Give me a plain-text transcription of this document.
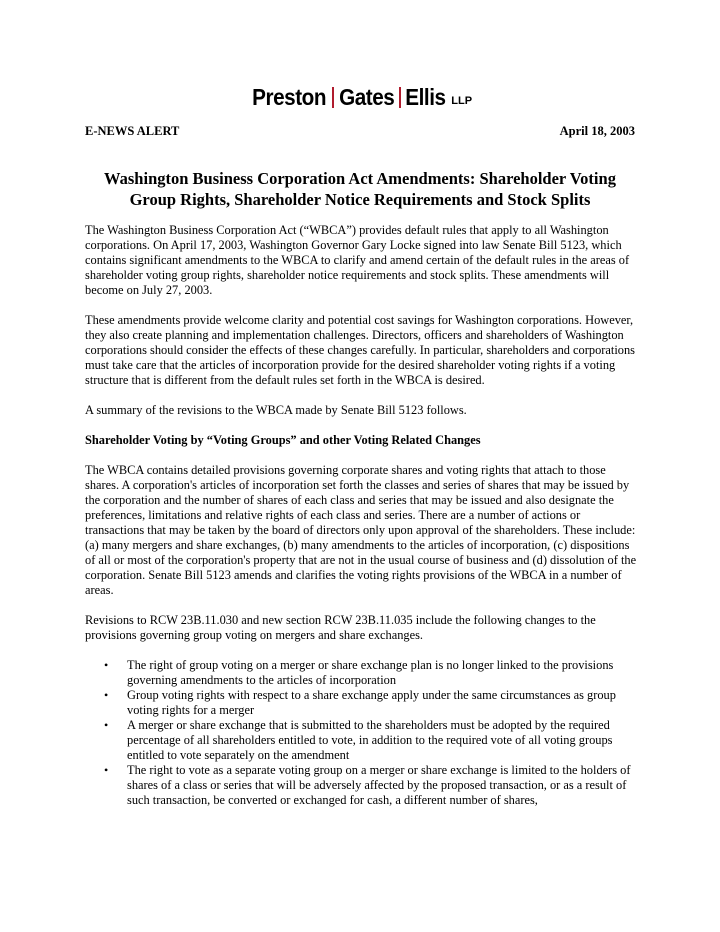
Preston Gates Ellis LLP
E-NEWS ALERT	April 18, 2003
Washington Business Corporation Act Amendments: Shareholder Voting
Group Rights, Shareholder Notice Requirements and Stock Splits

The Washington Business Corporation Act (“WBCA”) provides default rules that apply to all Washington corporations. On April 17, 2003, Washington Governor Gary Locke signed into law Senate Bill 5123, which contains significant amendments to the WBCA to clarify and amend certain of the default rules in the areas of shareholder voting group rights, shareholder notice requirements and stock splits. These amendments will become on July 27, 2003.

These amendments provide welcome clarity and potential cost savings for Washington corporations. However, they also create planning and implementation challenges. Directors, officers and shareholders of Washington corporations should consider the effects of these changes carefully. In particular, shareholders and corporations must take care that the articles of incorporation provide for the desired shareholder voting rights if a voting structure that is different from the default rules set forth in the WBCA is desired.

A summary of the revisions to the WBCA made by Senate Bill 5123 follows.

Shareholder Voting by “Voting Groups” and other Voting Related Changes

The WBCA contains detailed provisions governing corporate shares and voting rights that attach to those shares. A corporation's articles of incorporation set forth the classes and series of shares that may be issued by the corporation and the number of shares of each class and series that may be issued and also designate the preferences, limitations and relative rights of each class and series. There are a number of actions or transactions that may be taken by the board of directors only upon approval of the shareholders. These include: (a) many mergers and share exchanges, (b) many amendments to the articles of incorporation, (c) dispositions of all or most of the corporation's property that are not in the usual course of business and (d) dissolution of the corporation. Senate Bill 5123 amends and clarifies the voting rights provisions of the WBCA in a number of areas.

Revisions to RCW 23B.11.030 and new section RCW 23B.11.035 include the following changes to the provisions governing group voting on mergers and share exchanges.

• The right of group voting on a merger or share exchange plan is no longer linked to the provisions governing amendments to the articles of incorporation
• Group voting rights with respect to a share exchange apply under the same circumstances as group voting rights for a merger
• A merger or share exchange that is submitted to the shareholders must be adopted by the required percentage of all shareholders entitled to vote, in addition to the required vote of all voting groups entitled to vote separately on the amendment
• The right to vote as a separate voting group on a merger or share exchange is limited to the holders of shares of a class or series that will be adversely affected by the proposed transaction, or as a result of such transaction, be converted or exchanged for cash, a different number of shares,
